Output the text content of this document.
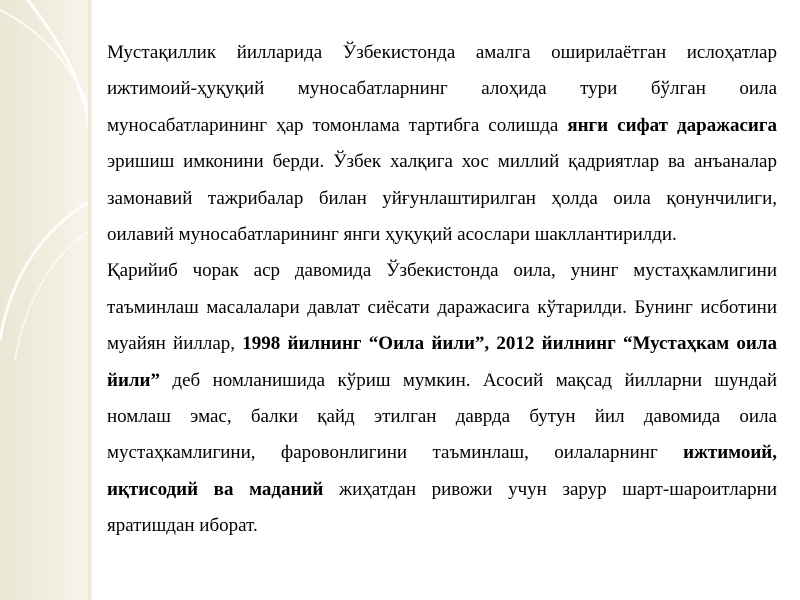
Мустақиллик йилларида Ўзбекистонда амалга оширилаётган ислоҳатлар ижтимоий-ҳуқуқий муносабатларнинг алоҳида тури бўлган оила муносабатларининг ҳар томонлама тартибга солишда янги сифат даражасига эришиш имконини берди. Ўзбек халқига хос миллий қадриятлар ва анъаналар замонавий тажрибалар билан уйғунлаштирилган ҳолда оила қонунчилиги, оилавий муносабатларининг янги ҳуқуқий асослари шакллантирилди.

Қарийиб чорак аср давомида Ўзбекистонда оила, унинг мустаҳкамлигини таъминлаш масалалари давлат сиёсати даражасига кўтарилди. Бунинг исботини муайян йиллар, 1998 йилнинг “Оила йили”, 2012 йилнинг “Мустаҳкам оила йили” деб номланишида кўриш мумкин. Асосий мақсад йилларни шундай номлаш эмас, балки қайд этилган даврда бутун йил давомида оила мустаҳкамлигини, фаровонлигини таъминлаш, оилаларнинг ижтимоий, иқтисодий ва маданий жиҳатдан ривожи учун зарур шарт-шароитларни яратишдан иборат.
